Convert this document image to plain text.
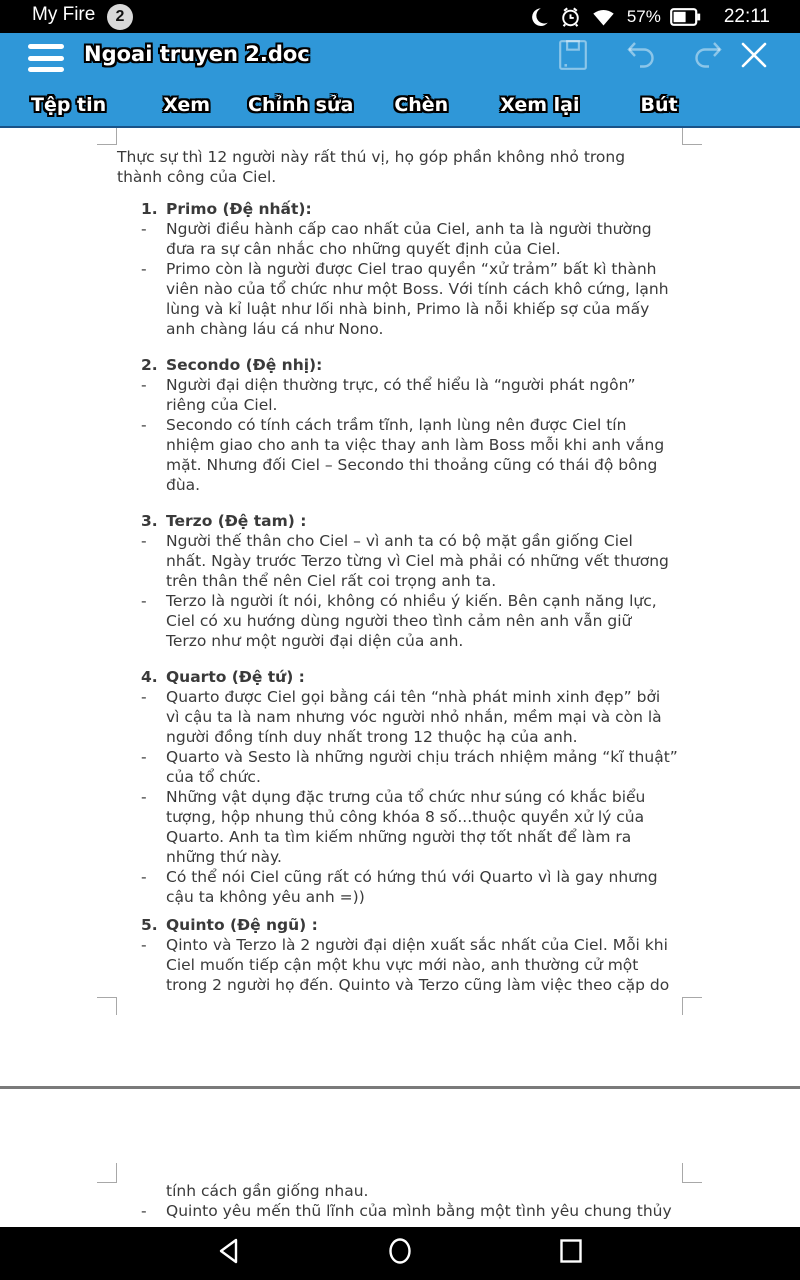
My Fire	2	57%	22:11
Ngoai truyen 2.doc
Tệp tin	Xem Chỉnh sửa Chèn	Xem lại	Bút
Thực sự thì 12 người này rất thú vị, họ góp phần không nhỏ trong
thành công của Ciel.
1. Primo (Đệ nhất):
-	Người điều hành cấp cao nhất của Ciel, anh ta là người thường
đưa ra sự cân nhắc cho những quyết định của Ciel.
-	Primo còn là người được Ciel trao quyền “xử trảm” bất kì thành
viên nào của tổ chức như một Boss. Với tính cách khô cứng, lạnh
lùng và kỉ luật như lối nhà binh, Primo là nỗi khiếp sợ của mấy
anh chàng láu cá như Nono.
2. Secondo (Đệ nhị):
-	Người đại diện thường trực, có thể hiểu là “người phát ngôn”
riêng của Ciel.
-	Secondo có tính cách trầm tĩnh, lạnh lùng nên được Ciel tín
nhiệm giao cho anh ta việc thay anh làm Boss mỗi khi anh vắng
mặt. Nhưng đối Ciel – Secondo thi thoảng cũng có thái độ bông
đùa.
3. Terzo (Đệ tam) :
-	Người thế thân cho Ciel – vì anh ta có bộ mặt gần giống Ciel
nhất. Ngày trước Terzo từng vì Ciel mà phải có những vết thương
trên thân thể nên Ciel rất coi trọng anh ta.
-	Terzo là người ít nói, không có nhiều ý kiến. Bên cạnh năng lực,
Ciel có xu hướng dùng người theo tình cảm nên anh vẫn giữ
Terzo như một người đại diện của anh.
4. Quarto (Đệ tứ) :
-	Quarto được Ciel gọi bằng cái tên “nhà phát minh xinh đẹp” bởi
vì cậu ta là nam nhưng vóc người nhỏ nhắn, mềm mại và còn là
người đồng tính duy nhất trong 12 thuộc hạ của anh.
-	Quarto và Sesto là những người chịu trách nhiệm mảng “kĩ thuật”
của tổ chức.
-	Những vật dụng đặc trưng của tổ chức như súng có khắc biểu
tượng, hộp nhung thủ công khóa 8 số...thuộc quyền xử lý của
Quarto. Anh ta tìm kiếm những người thợ tốt nhất để làm ra
những thứ này.
-	Có thể nói Ciel cũng rất có hứng thú với Quarto vì là gay nhưng
cậu ta không yêu anh =))
5. Quinto (Đệ ngũ) :
-	Qinto và Terzo là 2 người đại diện xuất sắc nhất của Ciel. Mỗi khi
Ciel muốn tiếp cận một khu vực mới nào, anh thường cử một
trong 2 người họ đến. Quinto và Terzo cũng làm việc theo cặp do
tính cách gần giống nhau.
-	Quinto yêu mến thũ lĩnh của mình bằng một tình yêu chung thủy
